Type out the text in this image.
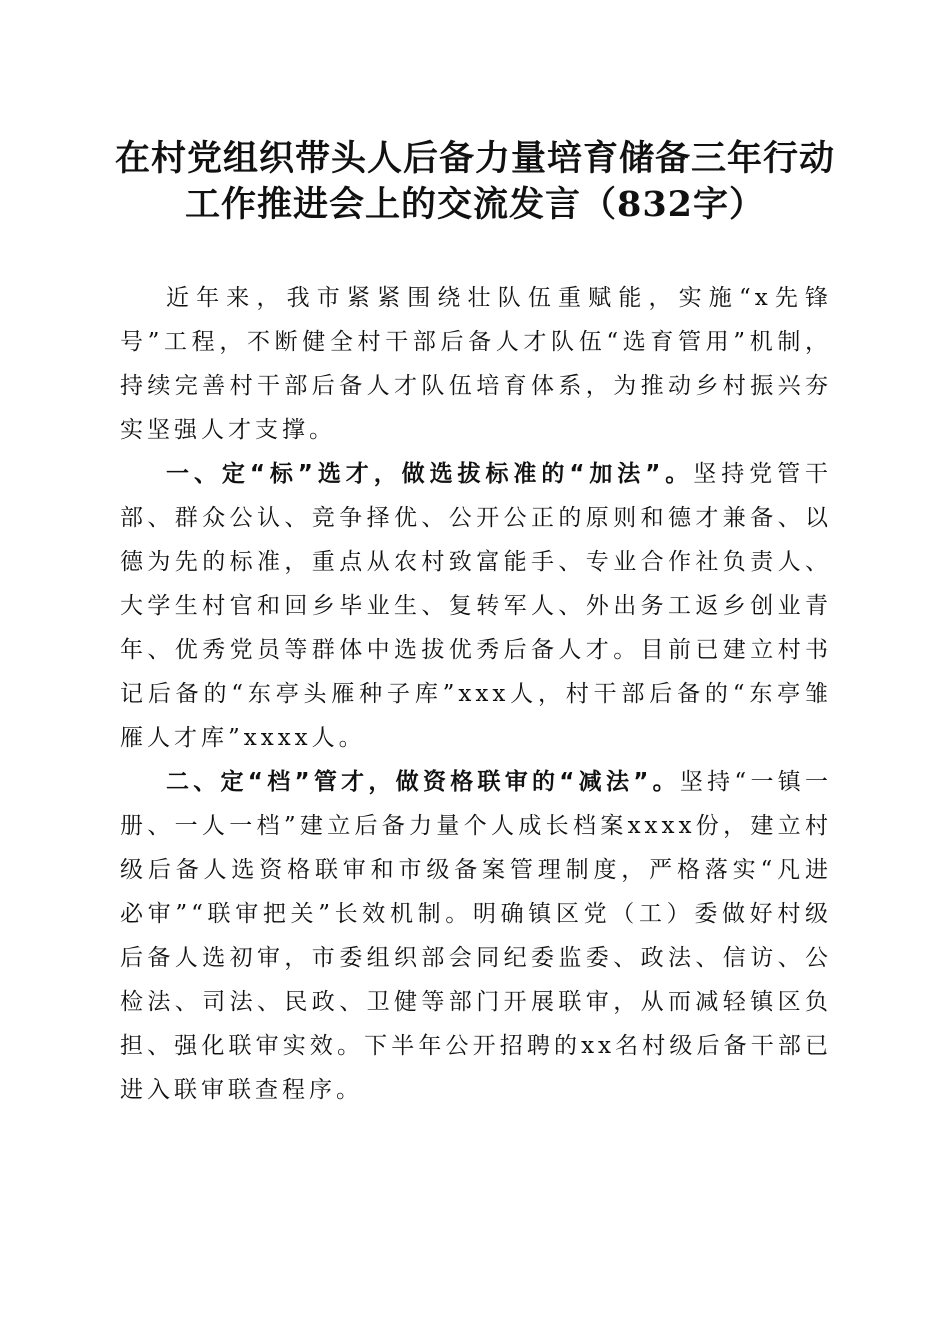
在村党组织带头人后备力量培育储备三年行动
工作推进会上的交流发言（832字）

近年来，我市紧紧围绕壮队伍重赋能，实施“x先锋号”工程，不断健全村干部后备人才队伍“选育管用”机制，持续完善村干部后备人才队伍培育体系，为推动乡村振兴夯实坚强人才支撑。

一、定“标”选才，做选拔标准的“加法”。坚持党管干部、群众公认、竞争择优、公开公正的原则和德才兼备、以德为先的标准，重点从农村致富能手、专业合作社负责人、大学生村官和回乡毕业生、复转军人、外出务工返乡创业青年、优秀党员等群体中选拔优秀后备人才。目前已建立村书记后备的“东亭头雁种子库”xxx人，村干部后备的“东亭雏雁人才库”xxxx人。

二、定“档”管才，做资格联审的“减法”。坚持“一镇一册、一人一档”建立后备力量个人成长档案xxxx份，建立村级后备人选资格联审和市级备案管理制度，严格落实“凡进必审”“联审把关”长效机制。明确镇区党（工）委做好村级后备人选初审，市委组织部会同纪委监委、政法、信访、公检法、司法、民政、卫健等部门开展联审，从而减轻镇区负担、强化联审实效。下半年公开招聘的xx名村级后备干部已进入联审联查程序。
